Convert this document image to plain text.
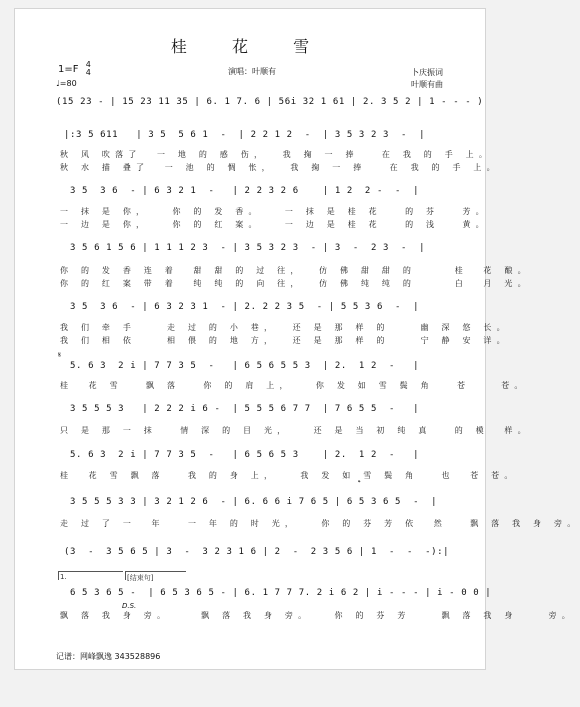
桂 花 雪
1=F 4
4
♩=80
演唱：叶顺有	卜庆振词
叶顺有曲

(15 23 - | 15 23 11 35 | 6. 1 7. 6 | 56i 32 1 61 | 2. 3 5 2 | 1 - - - )

|:3 5 611   | 3 5  5 6 1  -  | 2 2 1 2  -  | 3 5 3 2 3  -  |
秋 风 吹落了  一 地 的 感 伤，  我 掬 一 捧   在 我 的 手 上。
秋 水 描 叠了  一 池 的 惆 怅，  我 掬 一 捧   在 我 的 手 上。
3 5  3 6  - | 6 3 2 1  -   | 2 2 3 2 6    | 1 2  2 -  -  |
一 抹 是 你，   你 的 发 香。   一 抹 是 桂 花   的 芬   芳。
一 边 是 你，   你 的 红 案。   一 边 是 桂 花   的 浅   黄。
3 5 6 1 5 6 | 1 1 1 2 3  - | 3 5 3 2 3  - | 3  -  2 3  -  |
你 的 发 香 连 着  甜 甜 的 过 往，  仿 佛 甜 甜 的     桂  花 酿。
你 的 红 案 带 着  纯 纯 的 向 往，  仿 佛 纯 纯 的     白  月 光。
3 5  3 6  - | 6 3 2 3 1  - | 2. 2 2 3 5  - | 5 5 3 6  -  |
我 们 牵 手    走 过 的 小 巷，  还 是 那 样 的    幽 深 悠 长。
我 们 相 依    相 偎 的 地 方，  还 是 那 样 的    宁 静 安 详。
𝄋
5. 6 3  2 i | 7 7 3 5  -   | 6 5 6 5 5 3  | 2.  1 2  -   |
桂  花 雪   飘 落   你 的 肩 上，   你 发 如 雪 鬓 角   苍    苍。
3 5 5 5 3   | 2 2 2 i 6 -  | 5 5 5 6 7 7  | 7 6 5 5  -   |
只 是 那 一 抹   情 深 的 目 光，   还 是 当 初 纯 真   的 模  样。
5. 6 3  2 i | 7 7 3 5  -   | 6 5 6 5 3    | 2.  1 2  -   |
桂  花 雪 飘 落   我 的 身 上，   我 发 如 雪 鬓 角   也  苍 苍。
𝄌
3 5 5 5 3 3 | 3 2 1 2 6  - | 6. 6 6 i 7 6 5 | 6 5 3 6 5  -  |
走 过 了 一  年   一 年 的 时 光，   你 的 芬 芳 依  然   飘 落 我 身 旁。
(3  -  3 5 6 5 | 3  -  3 2 3 1 6 | 2  -  2 3 5 6 | 1  -  -  -):|
1.	[结束句]
6 5 3 6 5 -  | 6 5 3 6 5 - | 6. 1 7 7 7. 2 i 6 2 | i - - - | i - 0 0 |
D.S.
飘 落 我 身 旁。    飘 落 我 身 旁。   你 的 芬 芳    飘 落 我 身    旁。
记谱：网峰飘逸 343528896
